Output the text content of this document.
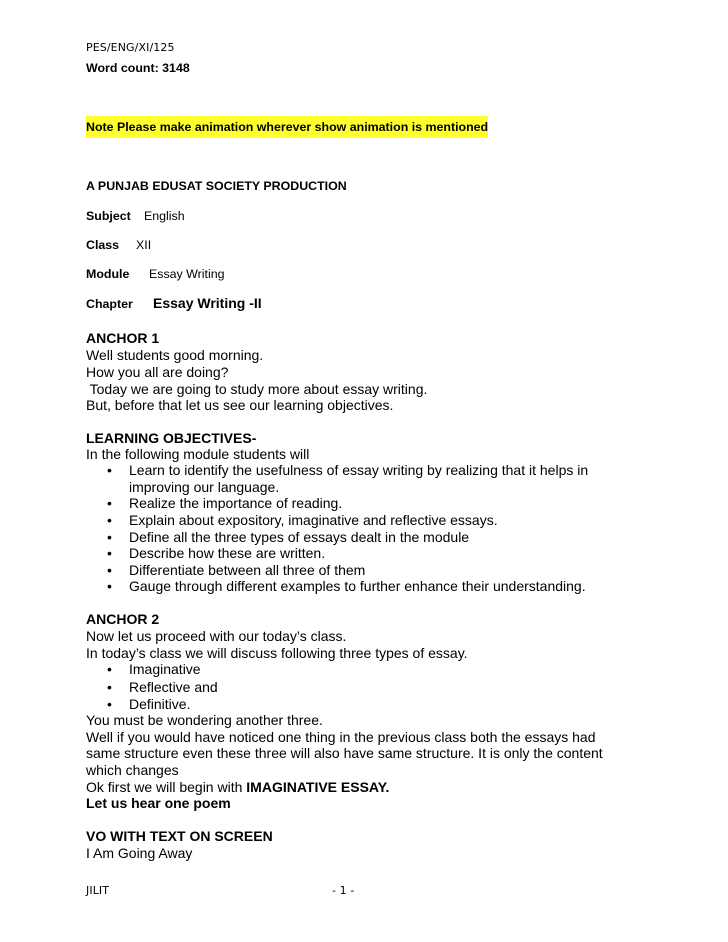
PES/ENG/XI/125
Word count: 3148
Note Please make animation wherever show animation is mentioned
A PUNJAB EDUSAT SOCIETY PRODUCTION
Subject English
Class XII
Module Essay Writing
Chapter Essay Writing -II
ANCHOR 1
Well students good morning.
How you all are doing?
Today we are going to study more about essay writing.
But, before that let us see our learning objectives.
LEARNING OBJECTIVES-
In the following module students will
• Learn to identify the usefulness of essay writing by realizing that it helps in
improving our language.
• Realize the importance of reading.
• Explain about expository, imaginative and reflective essays.
• Define all the three types of essays dealt in the module
• Describe how these are written.
• Differentiate between all three of them
• Gauge through different examples to further enhance their understanding.
ANCHOR 2
Now let us proceed with our today’s class.
In today’s class we will discuss following three types of essay.
• Imaginative
• Reflective and
• Definitive.
You must be wondering another three.
Well if you would have noticed one thing in the previous class both the essays had
same structure even these three will also have same structure. It is only the content
which changes
Ok first we will begin with IMAGINATIVE ESSAY.
Let us hear one poem
VO WITH TEXT ON SCREEN
I Am Going Away
JILIT	- 1 -
